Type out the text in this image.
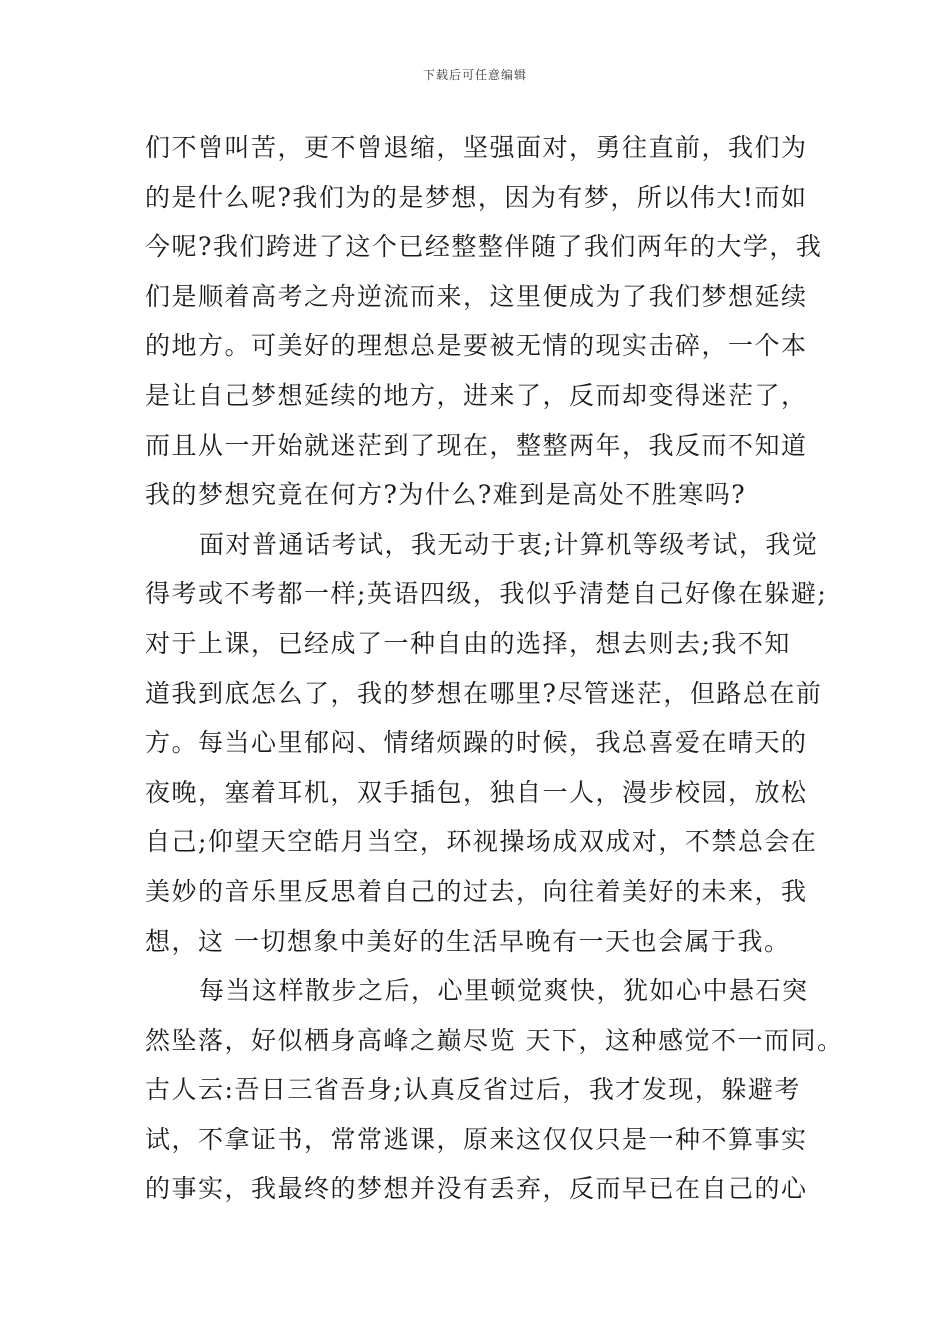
下载后可任意编辑
们不曾叫苦，更不曾退缩，坚强面对，勇往直前，我们为
的是什么呢?我们为的是梦想，因为有梦，所以伟大!而如
今呢?我们跨进了这个已经整整伴随了我们两年的大学，我
们是顺着高考之舟逆流而来，这里便成为了我们梦想延续
的地方。可美好的理想总是要被无情的现实击碎，一个本
是让自己梦想延续的地方，进来了，反而却变得迷茫了，
而且从一开始就迷茫到了现在，整整两年，我反而不知道
我的梦想究竟在何方?为什么?难到是高处不胜寒吗?
面对普通话考试，我无动于衷;计算机等级考试，我觉
得考或不考都一样;英语四级，我似乎清楚自己好像在躲避;
对于上课，已经成了一种自由的选择，想去则去;我不知
道我到底怎么了，我的梦想在哪里?尽管迷茫，但路总在前
方。每当心里郁闷、情绪烦躁的时候，我总喜爱在晴天的
夜晚，塞着耳机，双手插包，独自一人，漫步校园，放松
自己;仰望天空皓月当空，环视操场成双成对，不禁总会在
美妙的音乐里反思着自己的过去，向往着美好的未来，我
想，这 一切想象中美好的生活早晚有一天也会属于我。
每当这样散步之后，心里顿觉爽快，犹如心中悬石突
然坠落，好似栖身高峰之巅尽览 天下，这种感觉不一而同。
古人云:吾日三省吾身;认真反省过后，我才发现，躲避考
试，不拿证书，常常逃课，原来这仅仅只是一种不算事实
的事实，我最终的梦想并没有丢弃，反而早已在自己的心
